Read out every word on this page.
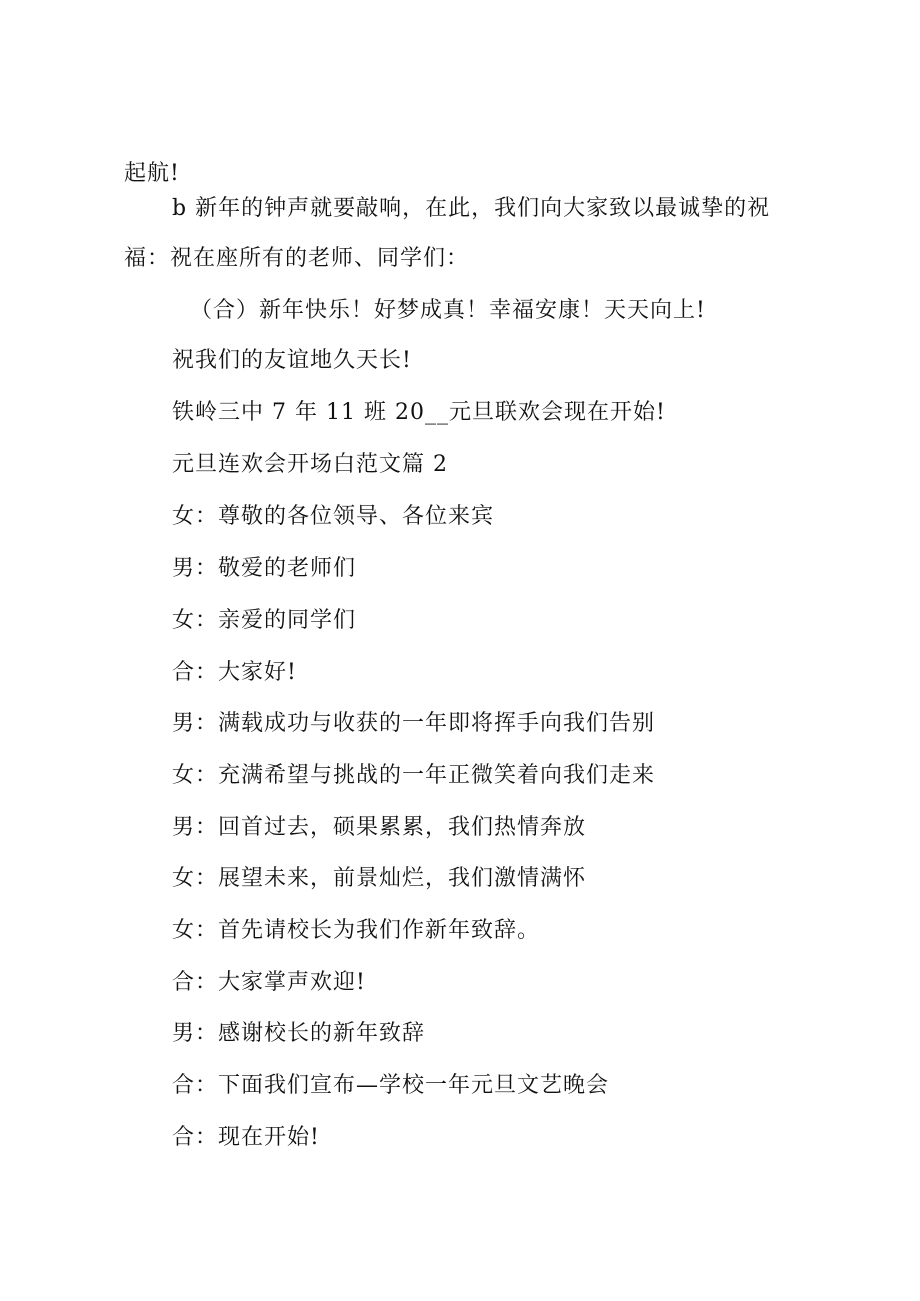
起航!
b 新年的钟声就要敲响，在此，我们向大家致以最诚挚的祝
福：祝在座所有的老师、同学们：
（合）新年快乐！好梦成真！幸福安康！天天向上!
祝我们的友谊地久天长!
铁岭三中 7 年 11 班 20__元旦联欢会现在开始!
元旦连欢会开场白范文篇 2
女：尊敬的各位领导、各位来宾
男：敬爱的老师们
女：亲爱的同学们
合：大家好!
男：满载成功与收获的一年即将挥手向我们告别
女：充满希望与挑战的一年正微笑着向我们走来
男：回首过去，硕果累累，我们热情奔放
女：展望未来，前景灿烂，我们激情满怀
女：首先请校长为我们作新年致辞。
合：大家掌声欢迎!
男：感谢校长的新年致辞
合：下面我们宣布—学校一年元旦文艺晚会
合：现在开始!
